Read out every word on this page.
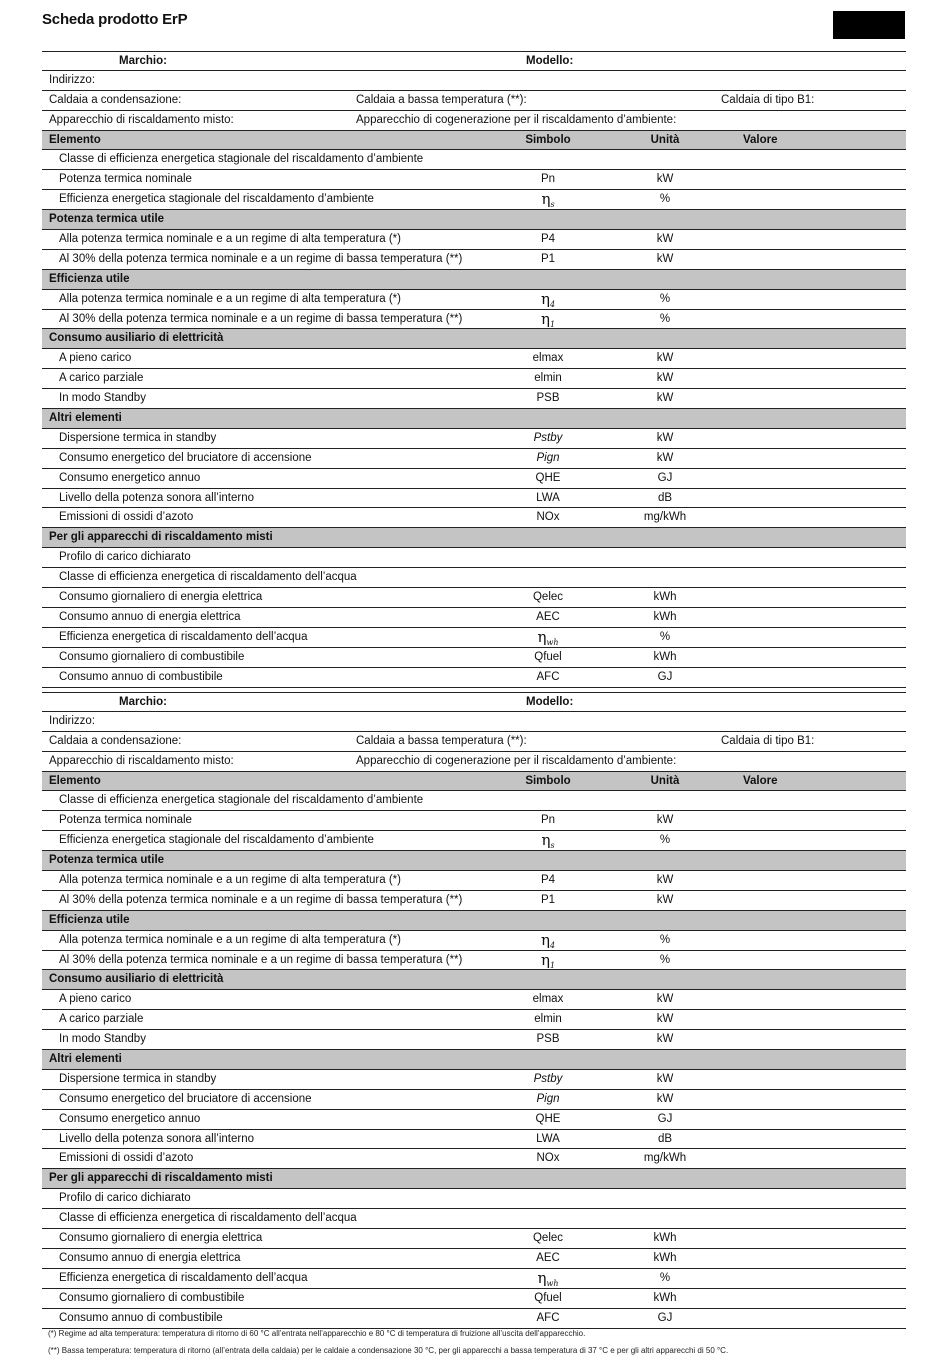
Scheda prodotto ErP
Marchio:	Modello:
Indirizzo:
Caldaia a condensazione:	Caldaia a bassa temperatura (**):	Caldaia di tipo B1:
Apparecchio di riscaldamento misto:	Apparecchio di cogenerazione per il riscaldamento d’ambiente:
Elemento	Simbolo	Unità	Valore
Classe di efficienza energetica stagionale del riscaldamento d’ambiente
Potenza termica nominale	Pn	kW
Efficienza energetica stagionale del riscaldamento d’ambiente	$\eta_s$	%
Potenza termica utile
Alla potenza termica nominale e a un regime di alta temperatura (*)	P4	kW
Al 30% della potenza termica nominale e a un regime di bassa temperatura (**)	P1	kW
Efficienza utile
Alla potenza termica nominale e a un regime di alta temperatura (*)	$\eta_4$	%
Al 30% della potenza termica nominale e a un regime di bassa temperatura (**)	$\eta_1$	%
Consumo ausiliario di elettricità
A pieno carico	elmax	kW
A carico parziale	elmin	kW
In modo Standby	PSB	kW
Altri elementi
Dispersione termica in standby	Pstby	kW
Consumo energetico del bruciatore di accensione	Pign	kW
Consumo energetico annuo	QHE	GJ
Livello della potenza sonora all’interno	LWA	dB
Emissioni di ossidi d’azoto	NOx	mg/kWh
Per gli apparecchi di riscaldamento misti
Profilo di carico dichiarato
Classe di efficienza energetica di riscaldamento dell’acqua
Consumo giornaliero di energia elettrica	Qelec	kWh
Consumo annuo di energia elettrica	AEC	kWh
Efficienza energetica di riscaldamento dell’acqua	$\eta_{wh}$	%
Consumo giornaliero di combustibile	Qfuel	kWh
Consumo annuo di combustibile	AFC	GJ
Marchio:	Modello:
Indirizzo:
Caldaia a condensazione:	Caldaia a bassa temperatura (**):	Caldaia di tipo B1:
Apparecchio di riscaldamento misto:	Apparecchio di cogenerazione per il riscaldamento d’ambiente:
Elemento	Simbolo	Unità	Valore
Classe di efficienza energetica stagionale del riscaldamento d’ambiente
Potenza termica nominale	Pn	kW
Efficienza energetica stagionale del riscaldamento d’ambiente	$\eta_s$	%
Potenza termica utile
Alla potenza termica nominale e a un regime di alta temperatura (*)	P4	kW
Al 30% della potenza termica nominale e a un regime di bassa temperatura (**)	P1	kW
Efficienza utile
Alla potenza termica nominale e a un regime di alta temperatura (*)	$\eta_4$	%
Al 30% della potenza termica nominale e a un regime di bassa temperatura (**)	$\eta_1$	%
Consumo ausiliario di elettricità
A pieno carico	elmax	kW
A carico parziale	elmin	kW
In modo Standby	PSB	kW
Altri elementi
Dispersione termica in standby	Pstby	kW
Consumo energetico del bruciatore di accensione	Pign	kW
Consumo energetico annuo	QHE	GJ
Livello della potenza sonora all’interno	LWA	dB
Emissioni di ossidi d’azoto	NOx	mg/kWh
Per gli apparecchi di riscaldamento misti
Profilo di carico dichiarato
Classe di efficienza energetica di riscaldamento dell’acqua
Consumo giornaliero di energia elettrica	Qelec	kWh
Consumo annuo di energia elettrica	AEC	kWh
Efficienza energetica di riscaldamento dell’acqua	$\eta_{wh}$	%
Consumo giornaliero di combustibile	Qfuel	kWh
Consumo annuo di combustibile	AFC	GJ
(*) Regime ad alta temperatura: temperatura di ritorno di 60 °C all’entrata nell’apparecchio e 80 °C di temperatura di fruizione all’uscita dell’apparecchio.
(**) Bassa temperatura: temperatura di ritorno (all’entrata della caldaia) per le caldaie a condensazione 30 °C, per gli apparecchi a bassa temperatura di 37 °C e per gli altri apparecchi di 50 °C.
